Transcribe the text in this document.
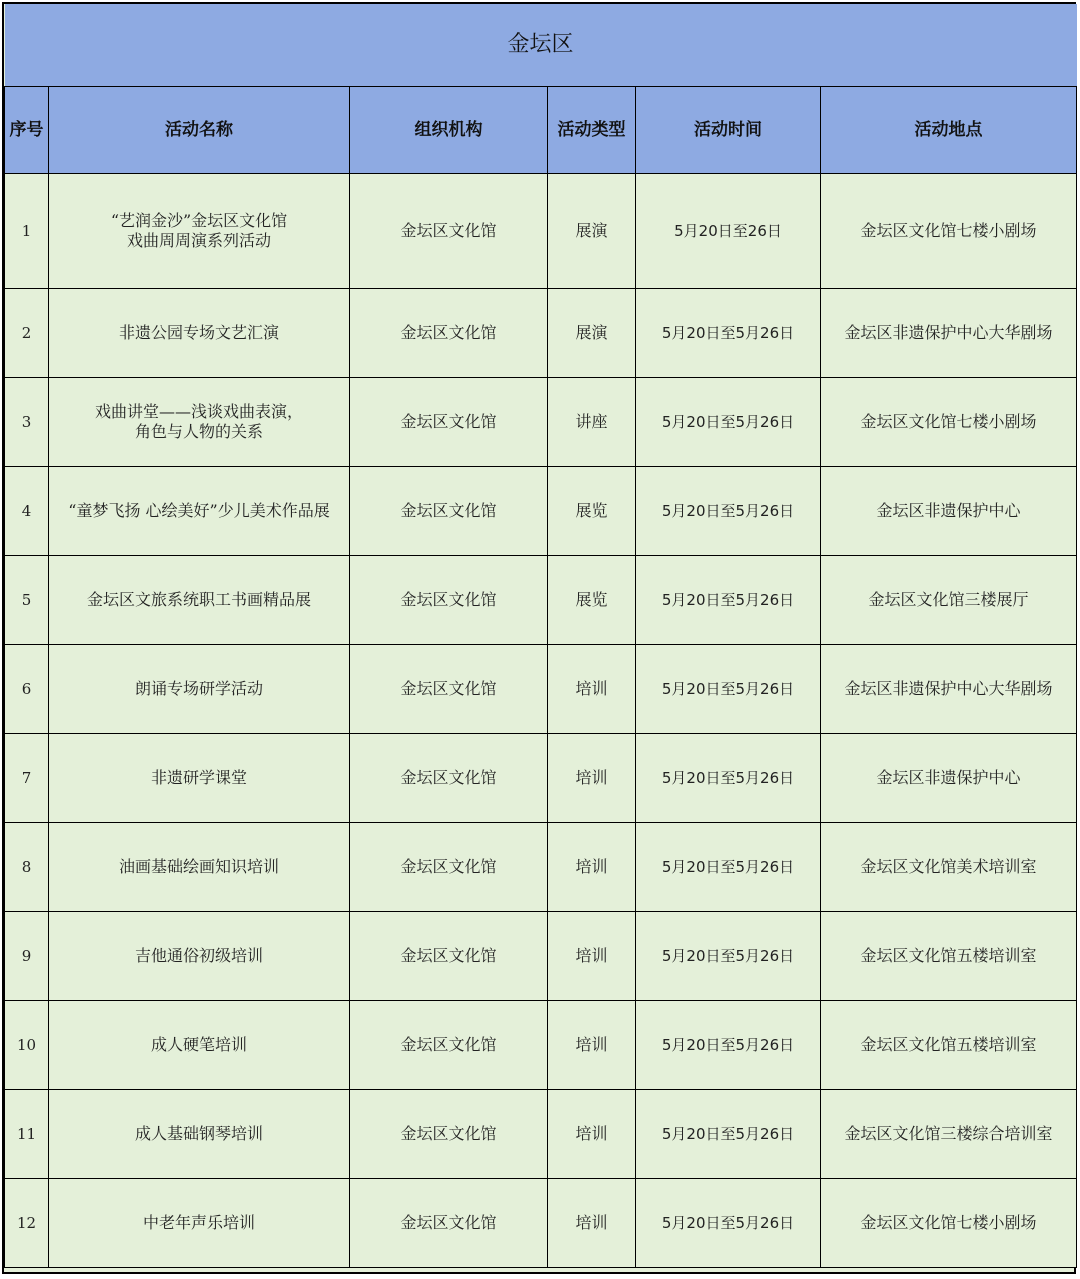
金坛区					
序号	活动名称	组织机构	活动类型	活动时间	活动地点
1	“艺润金沙”金坛区文化馆
戏曲周周演系列活动	金坛区文化馆	展演	5月20日至26日	金坛区文化馆七楼小剧场
2	非遗公园专场文艺汇演	金坛区文化馆	展演	5月20日至5月26日	金坛区非遗保护中心大华剧场
3	戏曲讲堂——浅谈戏曲表演，
角色与人物的关系	金坛区文化馆	讲座	5月20日至5月26日	金坛区文化馆七楼小剧场
4	“童梦飞扬 心绘美好”少儿美术作品展	金坛区文化馆	展览	5月20日至5月26日	金坛区非遗保护中心
5	金坛区文旅系统职工书画精品展	金坛区文化馆	展览	5月20日至5月26日	金坛区文化馆三楼展厅
6	朗诵专场研学活动	金坛区文化馆	培训	5月20日至5月26日	金坛区非遗保护中心大华剧场
7	非遗研学课堂	金坛区文化馆	培训	5月20日至5月26日	金坛区非遗保护中心
8	油画基础绘画知识培训	金坛区文化馆	培训	5月20日至5月26日	金坛区文化馆美术培训室
9	吉他通俗初级培训	金坛区文化馆	培训	5月20日至5月26日	金坛区文化馆五楼培训室
10	成人硬笔培训	金坛区文化馆	培训	5月20日至5月26日	金坛区文化馆五楼培训室
11	成人基础钢琴培训	金坛区文化馆	培训	5月20日至5月26日	金坛区文化馆三楼综合培训室
12	中老年声乐培训	金坛区文化馆	培训	5月20日至5月26日	金坛区文化馆七楼小剧场
